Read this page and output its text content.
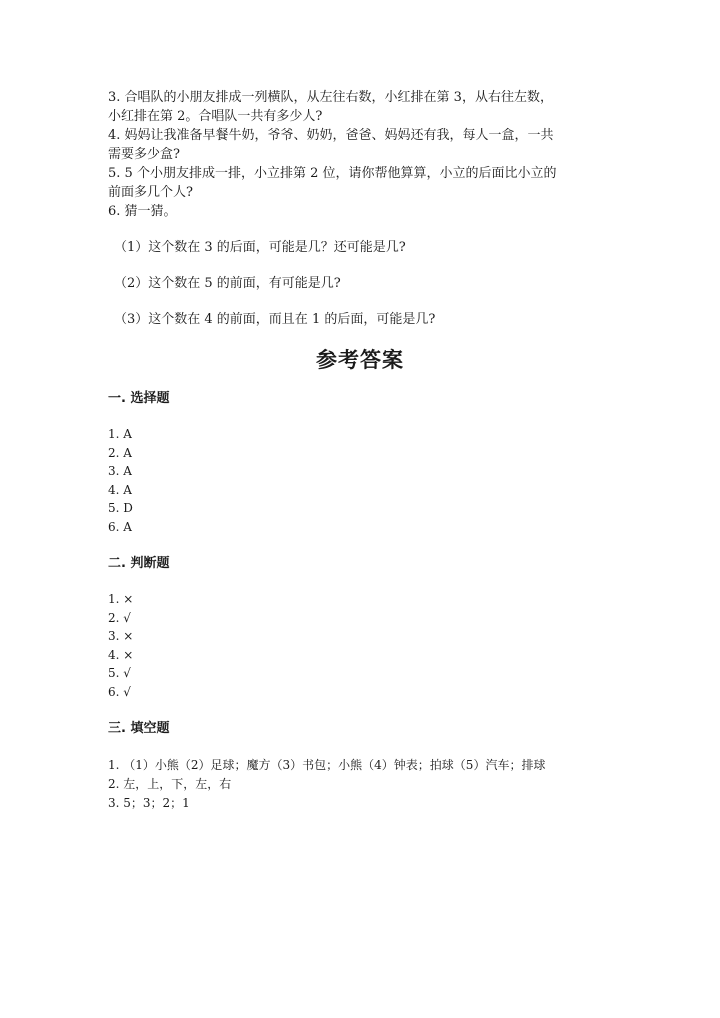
3. 合唱队的小朋友排成一列横队，从左往右数，小红排在第 3，从右往左数，
小红排在第 2。合唱队一共有多少人?
4. 妈妈让我准备早餐牛奶，爷爷、奶奶，爸爸、妈妈还有我，每人一盒，一共
需要多少盒?
5. 5 个小朋友排成一排，小立排第 2 位，请你帮他算算，小立的后面比小立的
前面多几个人?
6. 猜一猜。
（1）这个数在 3 的后面，可能是几？还可能是几?
（2）这个数在 5 的前面，有可能是几?
（3）这个数在 4 的前面，而且在 1 的后面，可能是几?
参考答案
一. 选择题
1. A
2. A
3. A
4. A
5. D
6. A
二. 判断题
1. ×
2. √
3. ×
4. ×
5. √
6. √
三. 填空题
1. （1）小熊（2）足球；魔方（3）书包；小熊（4）钟表；拍球（5）汽车；排球
2. 左，上，下，左，右
3. 5；3；2；1
